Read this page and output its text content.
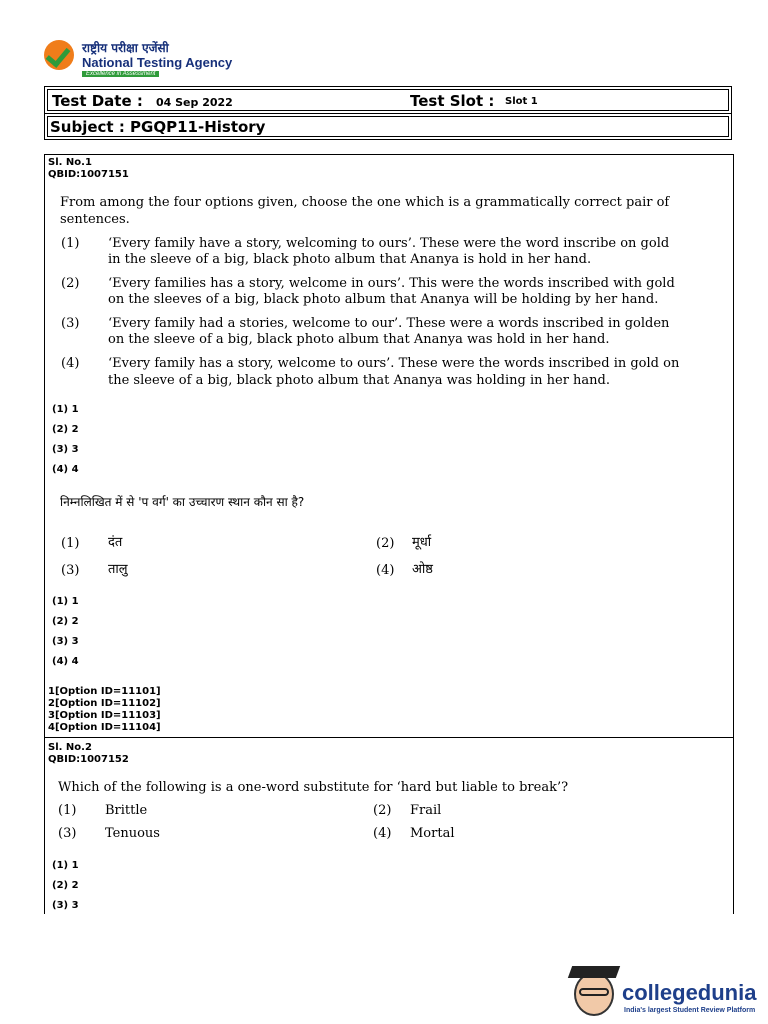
राष्ट्रीय परीक्षा एजेंसी
National Testing Agency
Excellence in Assessment
Test Date : 04 Sep 2022	Test Slot : Slot 1
Subject : PGQP11-History
Sl. No.1
QBID:1007151
From among the four options given, choose the one which is a grammatically correct pair of
sentences.
(1) ‘Every family have a story, welcoming to ours’. These were the word inscribe on gold
in the sleeve of a big, black photo album that Ananya is hold in her hand.
(2) ‘Every families has a story, welcome in ours’. This were the words inscribed with gold
on the sleeves of a big, black photo album that Ananya will be holding by her hand.
(3) ‘Every family had a stories, welcome to our’. These were a words inscribed in golden
on the sleeve of a big, black photo album that Ananya was hold in her hand.
(4) ‘Every family has a story, welcome to ours’. These were the words inscribed in gold on
the sleeve of a big, black photo album that Ananya was holding in her hand.
(1) 1
(2) 2
(3) 3
(4) 4
निम्नलिखित में से 'प वर्ग' का उच्चारण स्थान कौन सा है?
(1) दंत	(2) मूर्धा
(3) तालु	(4) ओष्ठ
(1) 1
(2) 2
(3) 3
(4) 4
1[Option ID=11101]
2[Option ID=11102]
3[Option ID=11103]
4[Option ID=11104]
Sl. No.2
QBID:1007152
Which of the following is a one-word substitute for ‘hard but liable to break’?
(1) Brittle	(2) Frail
(3) Tenuous	(4) Mortal
(1) 1
(2) 2
(3) 3
collegedunia
India's largest Student Review Platform
